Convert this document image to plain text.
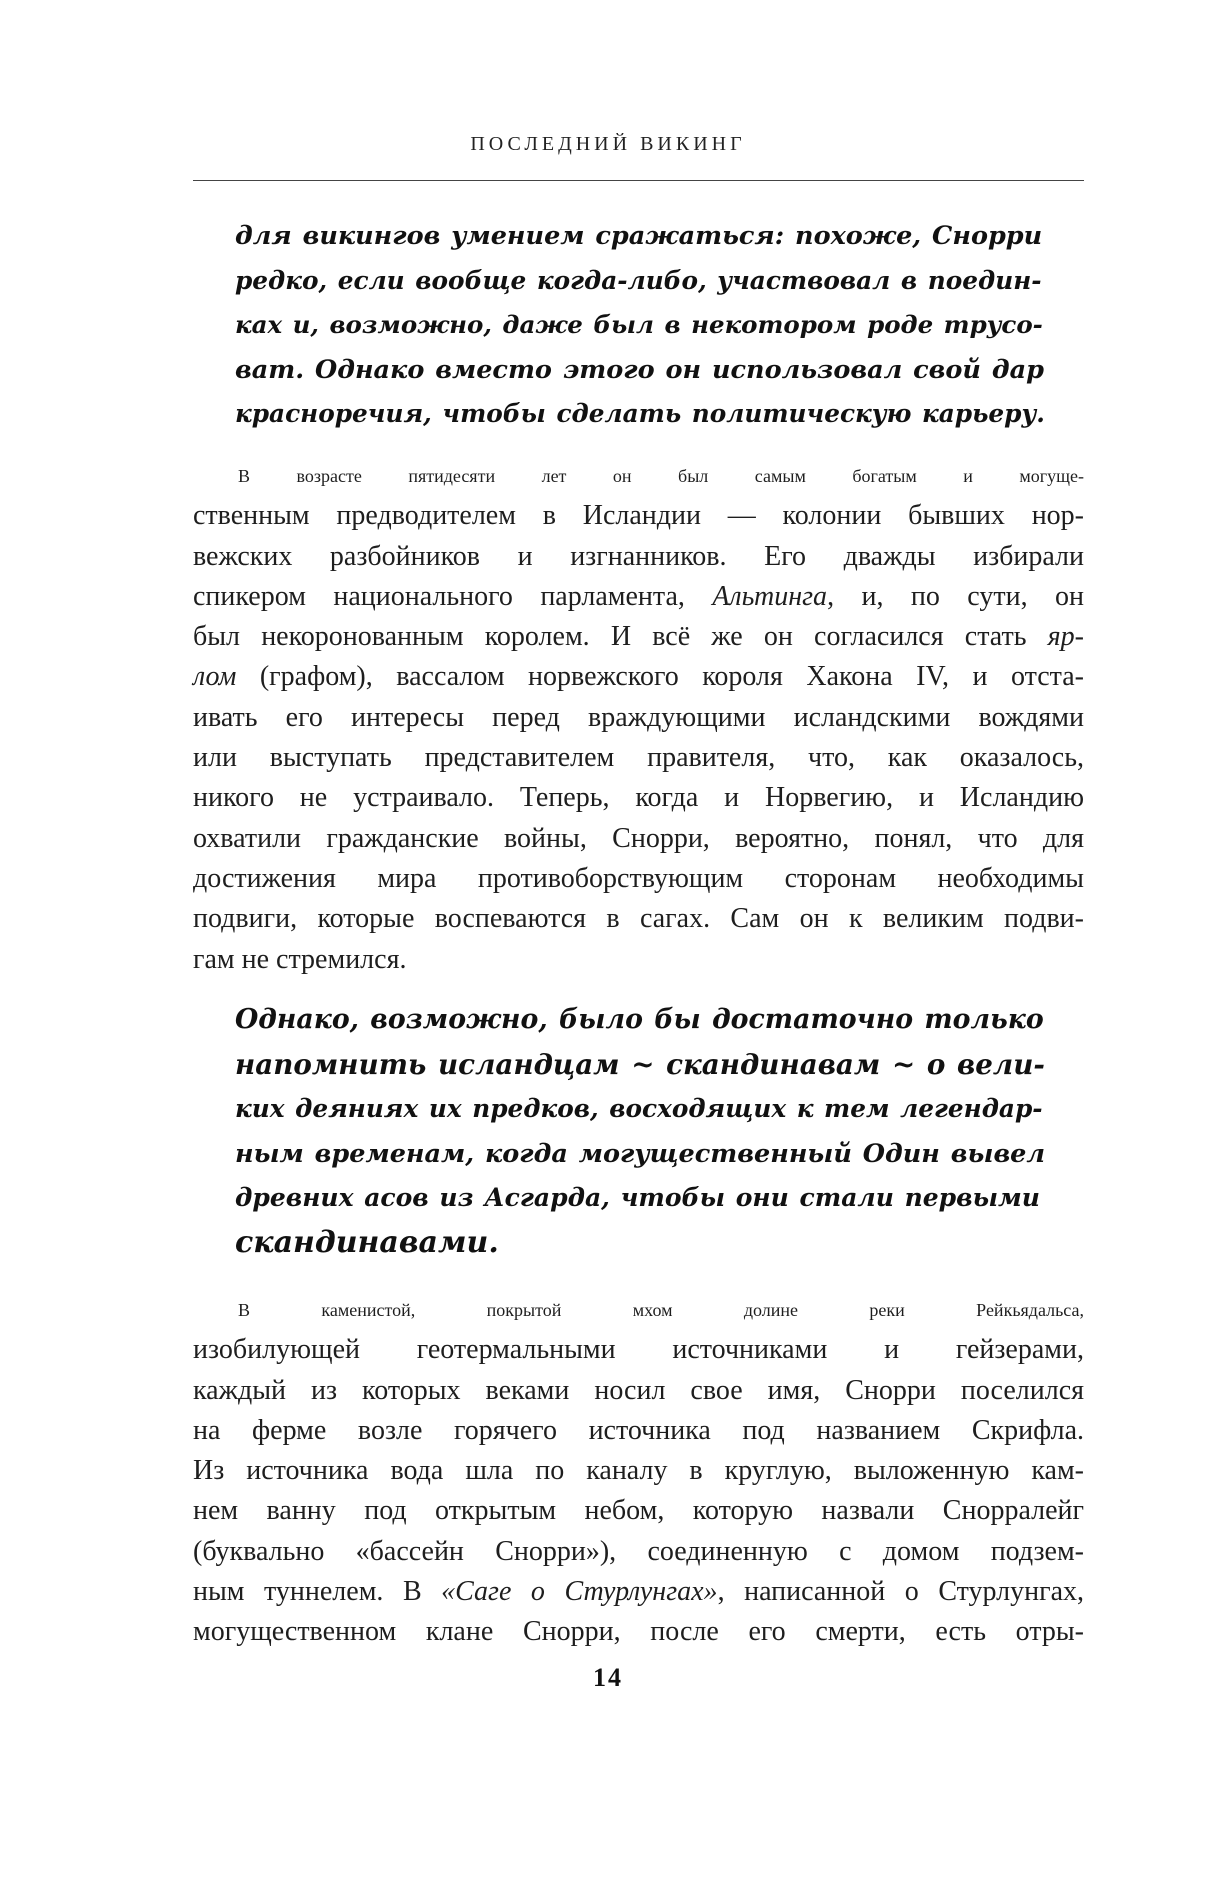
ПОСЛЕДНИЙ ВИКИНГ
для викингов умением сражаться: похоже, Снорри
редко, если вообще когда-либо, участвовал в поедин-
ках и, возможно, даже был в некотором роде трусо-
ват. Однако вместо этого он использовал свой дар
красноречия, чтобы сделать политическую карьеру.
В возрасте пятидесяти лет он был самым богатым и могуще-
ственным предводителем в Исландии — колонии бывших нор-
вежских разбойников и изгнанников. Его дважды избирали
спикером национального парламента, Альтинга, и, по сути, он
был некоронованным королем. И всё же он согласился стать яр-
лом (графом), вассалом норвежского короля Хакона IV, и отста-
ивать его интересы перед враждующими исландскими вождями
или выступать представителем правителя, что, как оказалось,
никого не устраивало. Теперь, когда и Норвегию, и Исландию
охватили гражданские войны, Снорри, вероятно, понял, что для
достижения мира противоборствующим сторонам необходимы
подвиги, которые воспеваются в сагах. Сам он к великим подви-
гам не стремился.
Однако, возможно, было бы достаточно только
напомнить исландцам ~ скандинавам ~ о вели-
ких деяниях их предков, восходящих к тем легендар-
ным временам, когда могущественный Один вывел
древних асов из Асгарда, чтобы они стали первыми
скандинавами.
В каменистой, покрытой мхом долине реки Рейкьядальса,
изобилующей геотермальными источниками и гейзерами,
каждый из которых веками носил свое имя, Снорри поселился
на ферме возле горячего источника под названием Скрифла.
Из источника вода шла по каналу в круглую, выложенную кам-
нем ванну под открытым небом, которую назвали Снорралейг
(буквально «бассейн Снорри»), соединенную с домом подзем-
ным туннелем. В «Саге о Стурлунгах», написанной о Стурлунгах,
могущественном клане Снорри, после его смерти, есть отры-
14
